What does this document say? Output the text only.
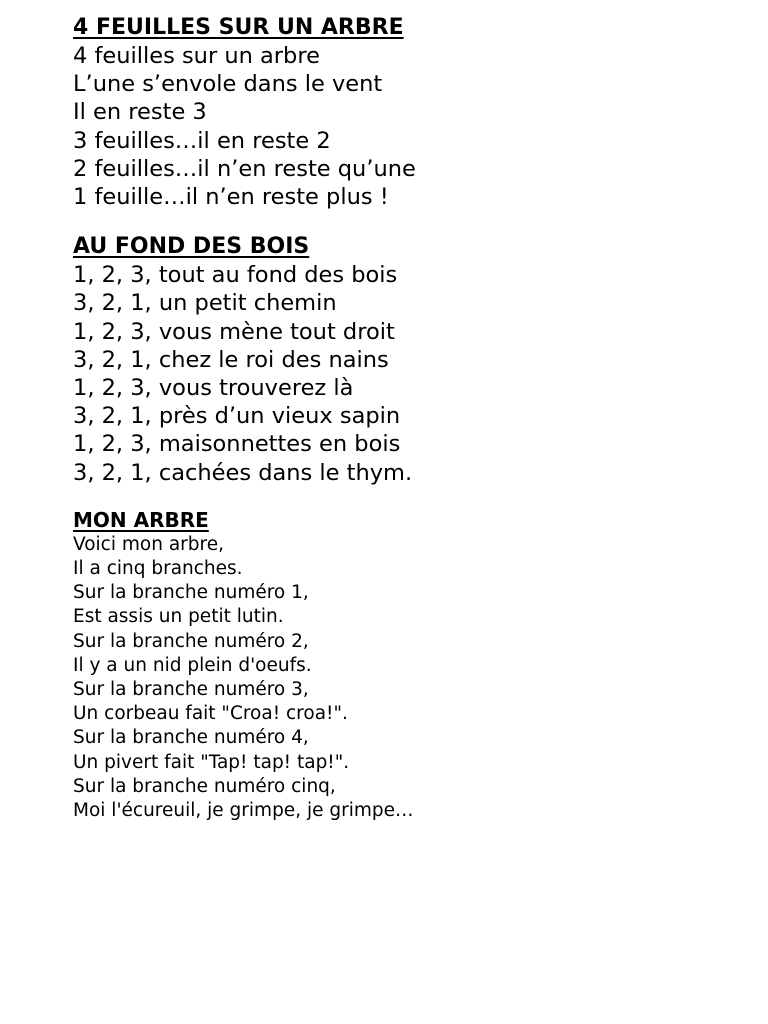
4 FEUILLES SUR UN ARBRE

4 feuilles sur un arbre

L’une s’envole dans le vent

Il en reste 3

3 feuilles…il en reste 2

2 feuilles…il n’en reste qu’une

1 feuille…il n’en reste plus !

AU FOND DES BOIS

1, 2, 3, tout au fond des bois

3, 2, 1, un petit chemin

1, 2, 3, vous mène tout droit

3, 2, 1, chez le roi des nains

1, 2, 3, vous trouverez là

3, 2, 1, près d’un vieux sapin

1, 2, 3, maisonnettes en bois

3, 2, 1, cachées dans le thym.

MON ARBRE

Voici mon arbre,

Il a cinq branches.

Sur la branche numéro 1,

Est assis un petit lutin.

Sur la branche numéro 2,

Il y a un nid plein d'oeufs.

Sur la branche numéro 3,

Un corbeau fait "Croa! croa!".

Sur la branche numéro 4,

Un pivert fait "Tap! tap! tap!".

Sur la branche numéro cinq,

Moi l'écureuil, je grimpe, je grimpe…
